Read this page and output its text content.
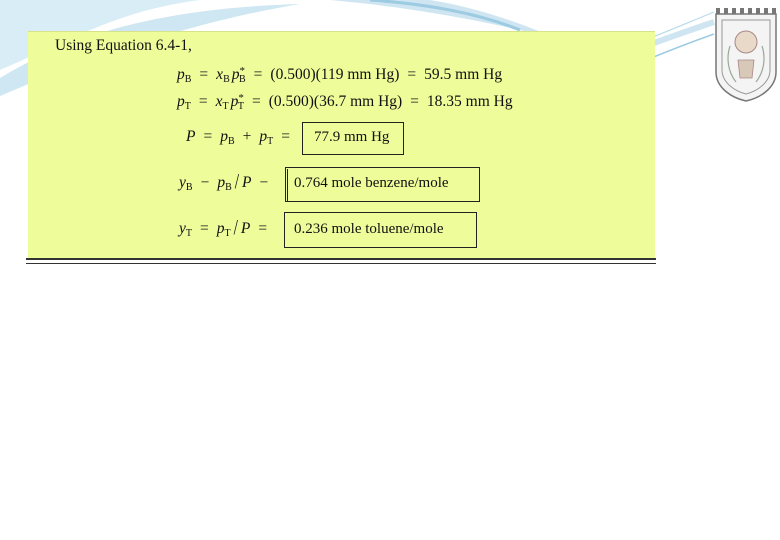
Using Equation 6.4-1,
$p_B = x_B$ $p^*_B = (0.500)(119$ mm Hg) = 59.5 mm Hg
$p_T = x_T$ $p^*_T = (0.500)(36.7$ mm Hg) = 18.35 mm Hg
$P = p_B + p_T$ =	77.9 mm Hg
$y_B - p_B / P$ −	0.764 mole benzene/mole
$y_T = p_T / P$ =	0.236 mole toluene/mole
